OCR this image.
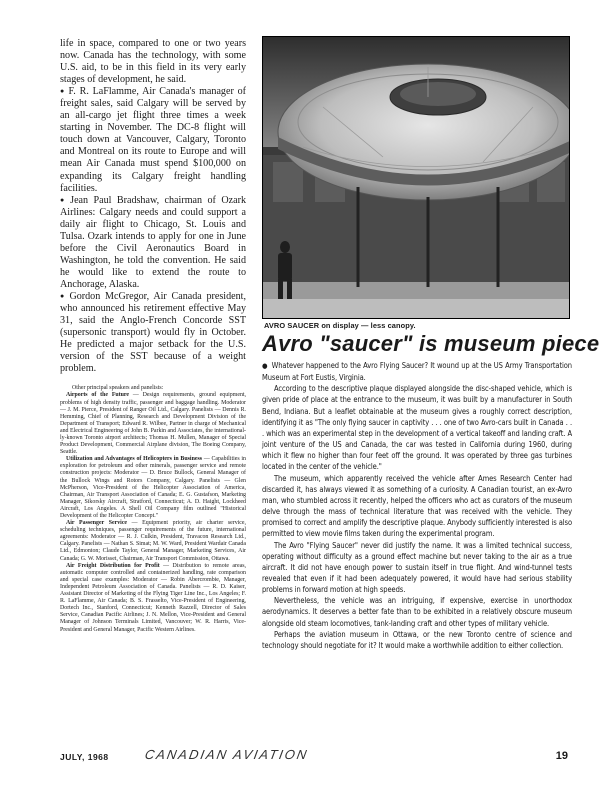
life in space, compared to one or two years now. Canada has the technology, with some U.S. aid, to be in this field in its very early stages of development, he said.

● F. R. LaFlamme, Air Canada's manager of freight sales, said Calgary will be served by an all-cargo jet flight three times a week starting in November. The DC-8 flight will touch down at Vancouver, Calgary, Toronto and Montreal on its route to Europe and will mean Air Canada must spend $100,000 on expanding its Calgary freight handling facilities.

● Jean Paul Bradshaw, chairman of Ozark Airlines: Calgary needs and could support a daily air flight to Chicago, St. Louis and Tulsa. Ozark intends to apply for one in June before the Civil Aeronautics Board in Washington, he told the convention. He said he would like to extend the route to Anchorage, Alaska.

● Gordon McGregor, Air Canada president, who announced his retirement effective May 31, said the Anglo-French Concorde SST (supersonic transport) would fly in October. He predicted a major setback for the U.S. version of the SST because of a weight problem.

Other principal speakers and panelists:

Airports of the Future — Design requirements, ground equipment, problems of high density traffic, passenger and baggage handling. Moderator — J. M. Pierce, President of Ranger Oil Ltd., Calgary. Panelists — Dennis R. Hemming, Chief of Planning, Research and Development Division of the Department of Transport; Edward R. Wilbee, Partner in charge of Mechanical and Electrical Engineering of John B. Parkin and Associates, the international-ly-known Toronto airport architects; Thomas H. Mullen, Manager of Special Product Development, Commercial Airplane division, The Boeing Company, Seattle.

Utilization and Advantages of Helicopters in Business — Capabilities in exploration for petroleum and other minerals, passenger service and remote construction projects: Moderator — D. Bruce Bullock, General Manager of the Bullock Wings and Rotors Company, Calgary. Panelists — Glen McPherson, Vice-President of the Helicopter Association of America, Chairman, Air Transport Association of Canada; E. G. Gustafson, Marketing Manager, Sikorsky Aircraft, Stratford, Connecticut; A. D. Haight, Lockheed Aircraft, Los Angeles. A Shell Oil Company film outlined "Historical Development of the Helicopter Concept."

Air Passenger Service — Equipment priority, air charter service, scheduling techniques, passenger requirements of the future, international agreements: Moderator — R. J. Culkin, President, Travacon Research Ltd., Calgary. Panelists — Nathan S. Simat; M. W. Ward, President Wardair Canada Ltd., Edmonton; Claude Taylor, General Manager, Marketing Services, Air Canada; G. W. Morisset, Chairman, Air Transport Commission, Ottawa.

Air Freight Distribution for Profit — Distribution to remote areas, automatic computer controlled and containerized handling, rate comparison and special case examples: Moderator — Robin Abercrombie, Manager, Independent Petroleum Association of Canada. Panelists — R. D. Kaiser, Assistant Director of Marketing of the Flying Tiger Line Inc., Los Angeles; F. R. LaFlamme, Air Canada; B. S. Frasselto, Vice-President of Engineering, Dortech Inc., Stanford, Connecticut; Kenneth Razzell, Director of Sales Service, Canadian Pacific Airlines; J. N. Mellon, Vice-President and General Manager of Johnson Terminals Limited, Vancouver; W. R. Harris, Vice-President and General Manager, Pacific Western Airlines.

AVRO SAUCER on display — less canopy.
Avro "saucer" is museum piece

● Whatever happened to the Avro Flying Saucer? It wound up at the US Army Transportation Museum at Fort Eustis, Virginia.

According to the descriptive plaque displayed alongside the disc-shaped vehicle, which is given pride of place at the entrance to the museum, it was built by a manufacturer in South Bend, Indiana. But a leaflet obtainable at the museum gives a roughly correct description, identifying it as "The only flying saucer in captivity . . . one of two Avro-cars built in Canada . . . which was an experimental step in the development of a vertical takeoff and landing craft. A joint venture of the US and Canada, the car was tested in California during 1960, during which it flew no higher than four feet off the ground. It was operated by three gas turbines located in the center of the vehicle."

The museum, which apparently received the vehicle after Ames Research Center had discarded it, has always viewed it as something of a curiosity. A Canadian tourist, an ex-Avro man, who stumbled across it recently, helped the officers who act as curators of the museum delve through the mass of technical literature that was received with the vehicle. They promised to correct and amplify the descriptive plaque. Anybody sufficiently interested is also permitted to view movie films taken during the experimental program.

The Avro "Flying Saucer" never did justify the name. It was a limited technical success, operating without difficulty as a ground effect machine but never taking to the air as a true aircraft. It did not have enough power to sustain itself in true flight. And wind-tunnel tests revealed that even if it had been adequately powered, it would have had serious stability problems in forward motion at high speeds.

Nevertheless, the vehicle was an intriguing, if expensive, exercise in unorthodox aerodynamics. It deserves a better fate than to be exhibited in a relatively obscure museum alongside old steam locomotives, tank-landing craft and other types of military vehicle.

Perhaps the aviation museum in Ottawa, or the new Toronto centre of science and technology should negotiate for it? It would make a worthwhile addition to either collection.

JULY, 1968	CANADIAN AVIATION	19
